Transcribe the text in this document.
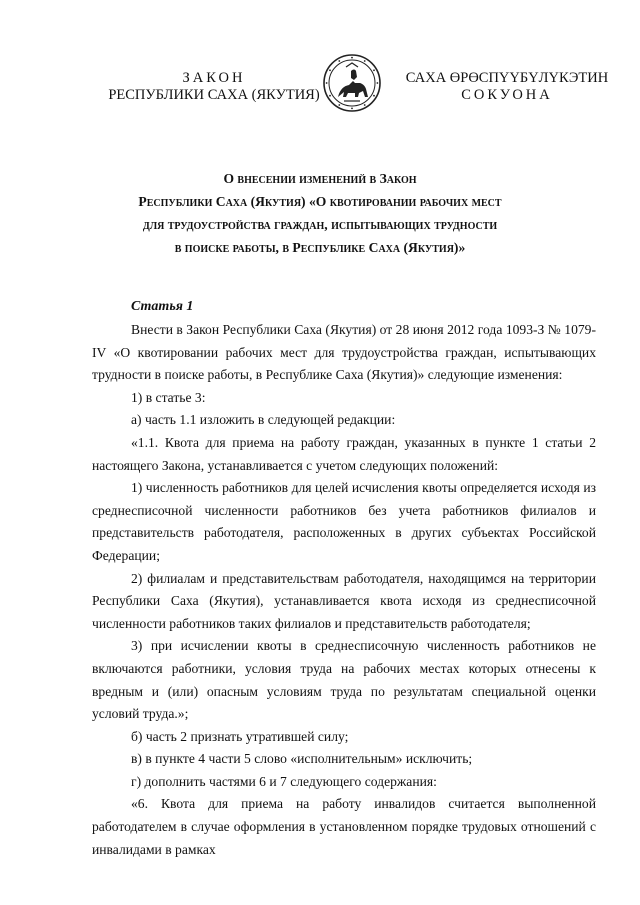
ЗАКОН
РЕСПУБЛИКИ САХА (ЯКУТИЯ)
САХА ӨРӨСПҮҮБҮЛҮКЭТИН
СОКУОНА
О внесении изменений в Закон
Республики Саха (Якутия) «О квотировании рабочих мест
для трудоустройства граждан, испытывающих трудности
в поиске работы, в Республике Саха (Якутия)»
Статья 1

Внести в Закон Республики Саха (Якутия) от 28 июня 2012 года 1093-З № 1079-IV «О квотировании рабочих мест для трудоустройства граждан, испытывающих трудности в поиске работы, в Республике Саха (Якутия)» следующие изменения:

1) в статье 3:

а) часть 1.1 изложить в следующей редакции:

«1.1. Квота для приема на работу граждан, указанных в пункте 1 статьи 2 настоящего Закона, устанавливается с учетом следующих положений:

1) численность работников для целей исчисления квоты определяется исходя из среднесписочной численности работников без учета работников филиалов и представительств работодателя, расположенных в других субъектах Российской Федерации;

2) филиалам и представительствам работодателя, находящимся на территории Республики Саха (Якутия), устанавливается квота исходя из среднесписочной численности работников таких филиалов и представительств работодателя;

3) при исчислении квоты в среднесписочную численность работников не включаются работники, условия труда на рабочих местах которых отнесены к вредным и (или) опасным условиям труда по результатам специальной оценки условий труда.»;

б) часть 2 признать утратившей силу;

в) в пункте 4 части 5 слово «исполнительным» исключить;

г) дополнить частями 6 и 7 следующего содержания:

«6. Квота для приема на работу инвалидов считается выполненной работодателем в случае оформления в установленном порядке трудовых отношений с инвалидами в рамках
